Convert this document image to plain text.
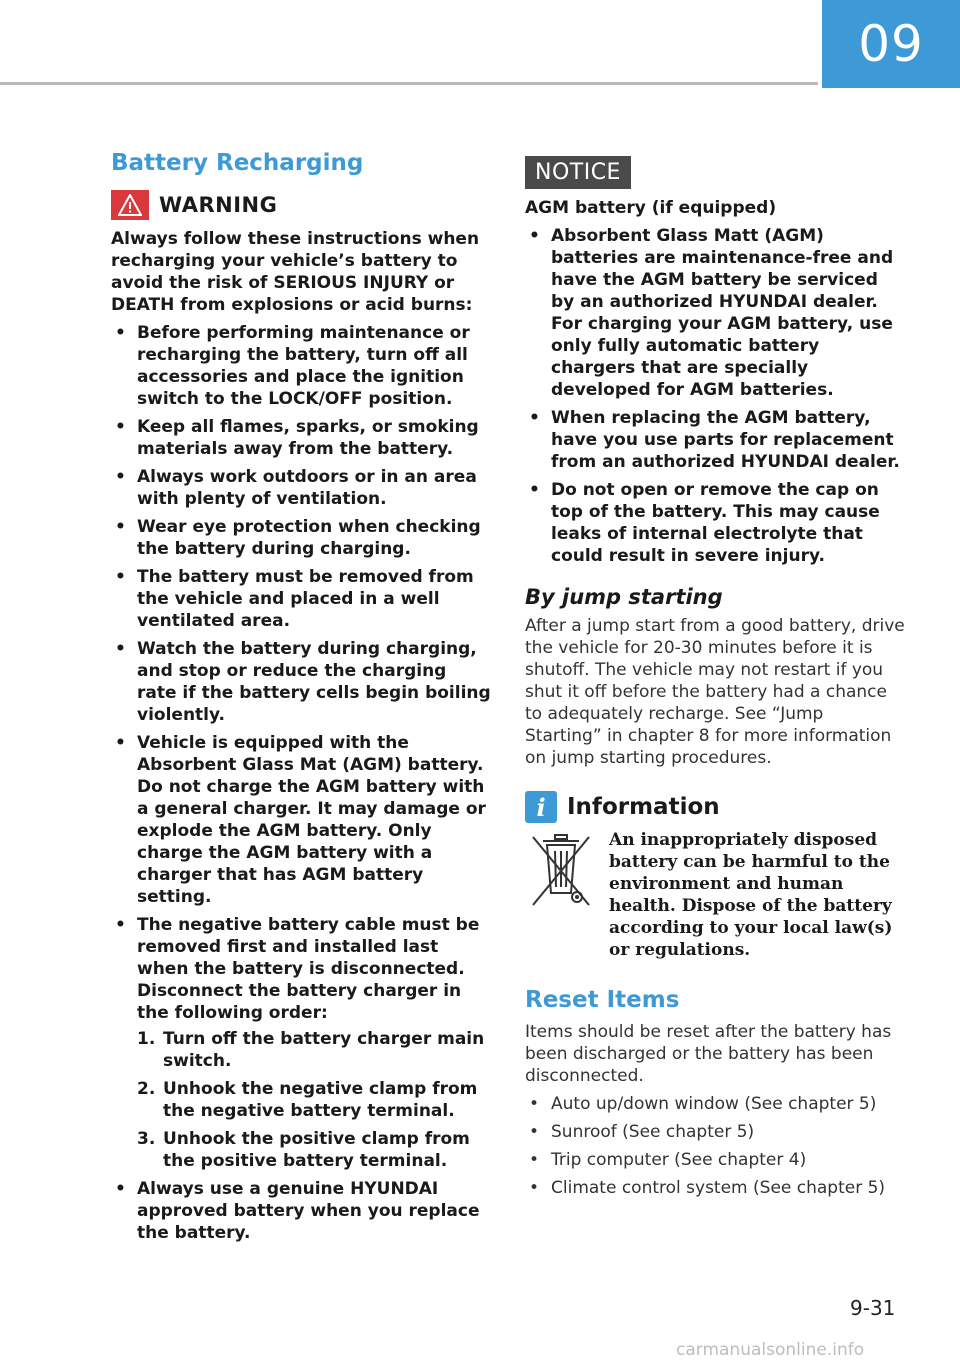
09
Battery Recharging
WARNING
Always follow these instructions when recharging your vehicle’s battery to avoid the risk of SERIOUS INJURY or DEATH from explosions or acid burns:
• Before performing maintenance or recharging the battery, turn off all accessories and place the ignition switch to the LOCK/OFF position.
• Keep all flames, sparks, or smoking materials away from the battery.
• Always work outdoors or in an area with plenty of ventilation.
• Wear eye protection when checking the battery during charging.
• The battery must be removed from the vehicle and placed in a well ventilated area.
• Watch the battery during charging, and stop or reduce the charging rate if the battery cells begin boiling violently.
• Vehicle is equipped with the Absorbent Glass Mat (AGM) battery. Do not charge the AGM battery with a general charger. It may damage or explode the AGM battery. Only charge the AGM battery with a charger that has AGM battery setting.
• The negative battery cable must be removed first and installed last when the battery is disconnected. Disconnect the battery charger in the following order:
1. Turn off the battery charger main switch.
2. Unhook the negative clamp from the negative battery terminal.
3. Unhook the positive clamp from the positive battery terminal.
• Always use a genuine HYUNDAI approved battery when you replace the battery.
NOTICE
AGM battery (if equipped)
• Absorbent Glass Matt (AGM) batteries are maintenance-free and have the AGM battery be serviced by an authorized HYUNDAI dealer. For charging your AGM battery, use only fully automatic battery chargers that are specially developed for AGM batteries.
• When replacing the AGM battery, have you use parts for replacement from an authorized HYUNDAI dealer.
• Do not open or remove the cap on top of the battery. This may cause leaks of internal electrolyte that could result in severe injury.
By jump starting
After a jump start from a good battery, drive the vehicle for 20-30 minutes before it is shutoff. The vehicle may not restart if you shut it off before the battery had a chance to adequately recharge. See “Jump Starting” in chapter 8 for more information on jump starting procedures.
i Information
An inappropriately disposed battery can be harmful to the environment and human health. Dispose of the battery according to your local law(s) or regulations.
Reset Items
Items should be reset after the battery has been discharged or the battery has been disconnected.
• Auto up/down window (See chapter 5)
• Sunroof (See chapter 5)
• Trip computer (See chapter 4)
• Climate control system (See chapter 5)
9-31
carmanualsonline.info
